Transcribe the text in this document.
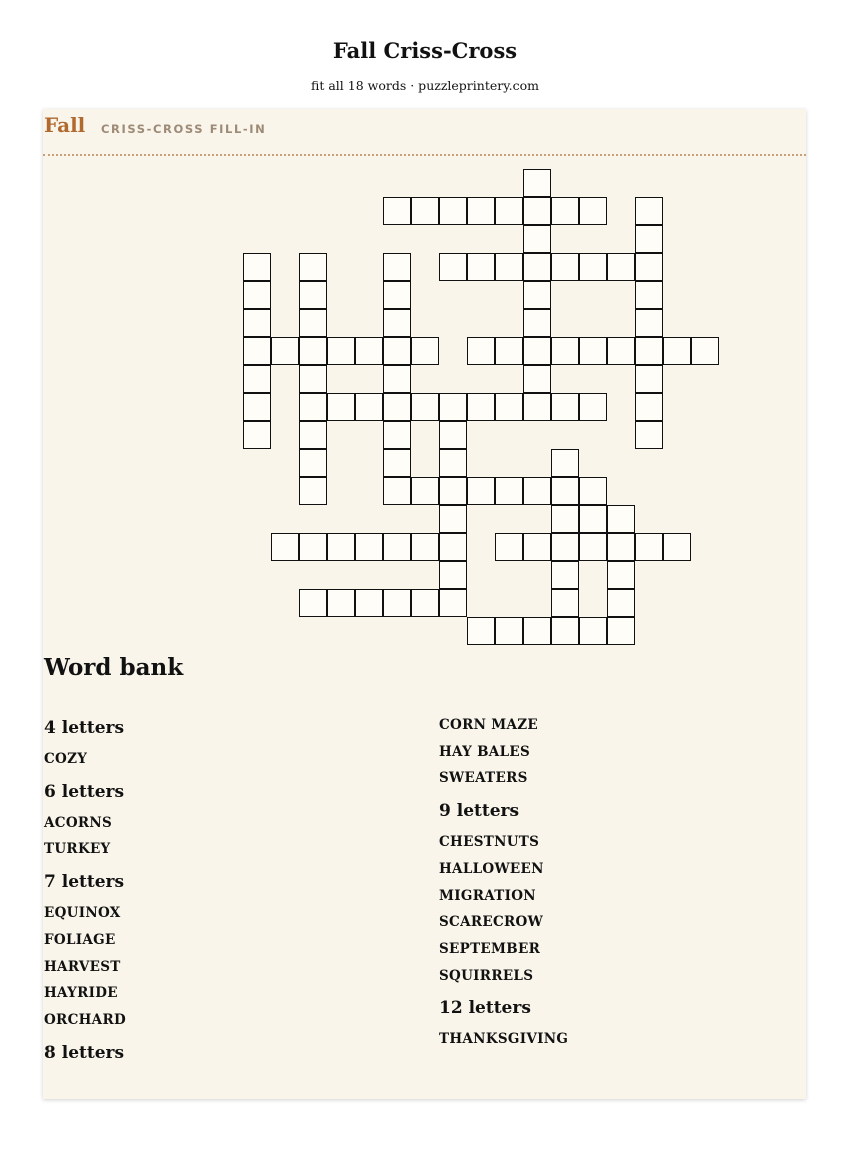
Fall Criss-Cross
fit all 18 words · puzzleprintery.com
Fall CRISS-CROSS FILL-IN
Word bank
4 letters
COZY
6 letters
ACORNS
TURKEY
7 letters
EQUINOX
FOLIAGE
HARVEST
HAYRIDE
ORCHARD
8 letters
CORN MAZE
HAY BALES
SWEATERS
9 letters
CHESTNUTS
HALLOWEEN
MIGRATION
SCARECROW
SEPTEMBER
SQUIRRELS
12 letters
THANKSGIVING
